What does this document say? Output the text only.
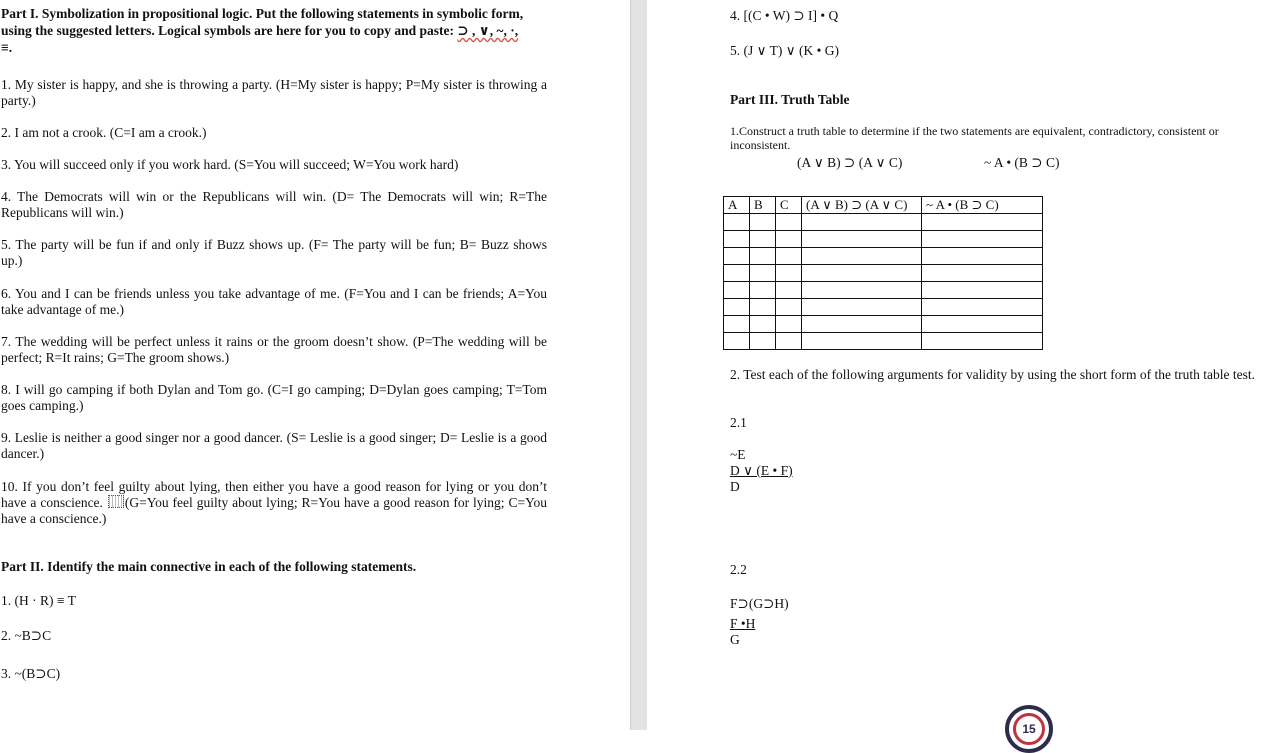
Part I. Symbolization in propositional logic. Put the following statements in symbolic form,
using the suggested letters. Logical symbols are here for you to copy and paste: ⊃ , ∨, ~, ·,
≡.
1. My sister is happy, and she is throwing a party. (H=My sister is happy; P=My sister is throwing a party.)
2. I am not a crook. (C=I am a crook.)
3. You will succeed only if you work hard. (S=You will succeed; W=You work hard)
4. The Democrats will win or the Republicans will win. (D= The Democrats will win; R=The Republicans will win.)
5. The party will be fun if and only if Buzz shows up. (F= The party will be fun; B= Buzz shows up.)
6. You and I can be friends unless you take advantage of me. (F=You and I can be friends; A=You take advantage of me.)
7. The wedding will be perfect unless it rains or the groom doesn’t show. (P=The wedding will be perfect; R=It rains; G=The groom shows.)
8. I will go camping if both Dylan and Tom go. (C=I go camping; D=Dylan goes camping; T=Tom goes camping.)
9. Leslie is neither a good singer nor a good dancer. (S= Leslie is a good singer; D= Leslie is a good dancer.)
10. If you don’t feel guilty about lying, then either you have a good reason for lying or you don’t have a conscience. (G=You feel guilty about lying; R=You have a good reason for lying; C=You have a conscience.)
Part II. Identify the main connective in each of the following statements.
1. (H · R) ≡ T
2. ~B⊃C
3. ~(B⊃C)
4. [(C • W) ⊃ I] • Q
5. (J ∨ T) ∨ (K • G)
Part III. Truth Table
1.Construct a truth table to determine if the two statements are equivalent, contradictory, consistent or inconsistent.
(A ∨ B) ⊃ (A ∨ C)	~ A • (B ⊃ C)
A	B	C	(A ∨ B) ⊃ (A ∨ C)	~ A • (B ⊃ C)

2. Test each of the following arguments for validity by using the short form of the truth table test.
2.1
~E
D ∨ (E • F)
D
2.2
F⊃(G⊃H)
F •H
G
15
